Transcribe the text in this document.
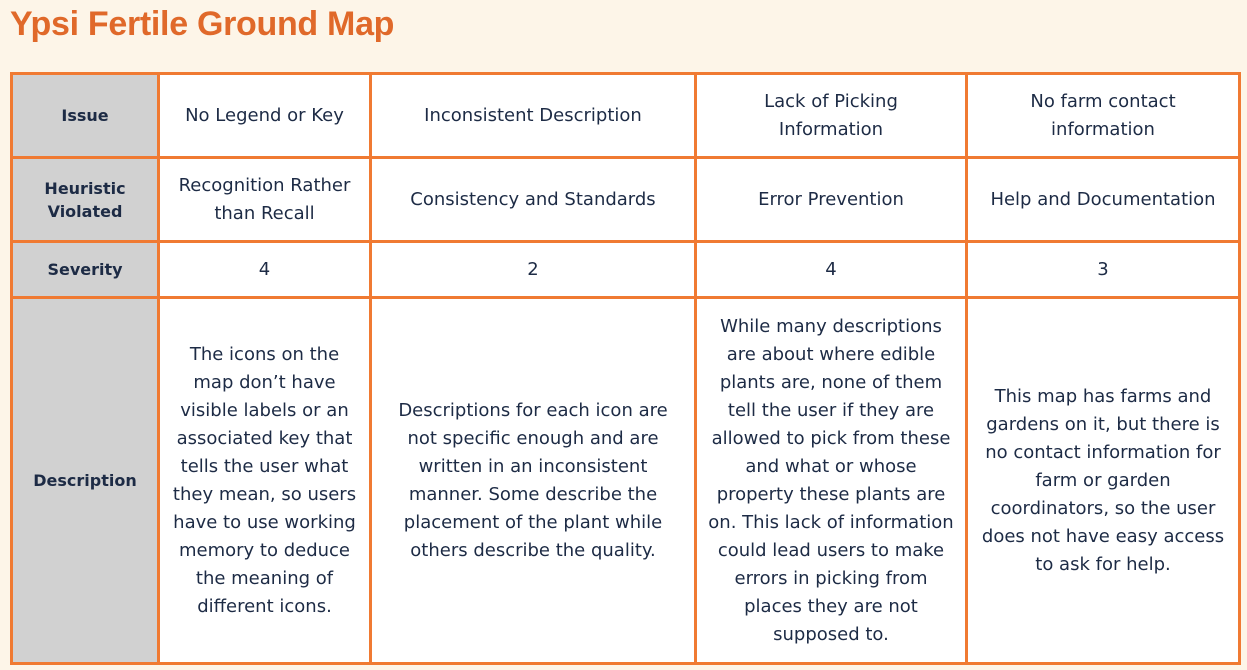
Ypsi Fertile Ground Map
Issue	No Legend or Key	Inconsistent Description	Lack of Picking Information	No farm contact information
Heuristic Violated	Recognition Rather than Recall	Consistency and Standards	Error Prevention	Help and Documentation
Severity	4	2	4	3
Description	The icons on the map don’t have visible labels or an associated key that tells the user what they mean, so users have to use working memory to deduce the meaning of different icons.	Descriptions for each icon are not specific enough and are written in an inconsistent manner. Some describe the placement of the plant while others describe the quality.	While many descriptions are about where edible plants are, none of them tell the user if they are allowed to pick from these and what or whose property these plants are on. This lack of information could lead users to make errors in picking from places they are not supposed to.	This map has farms and gardens on it, but there is no contact information for farm or garden coordinators, so the user does not have easy access to ask for help.
